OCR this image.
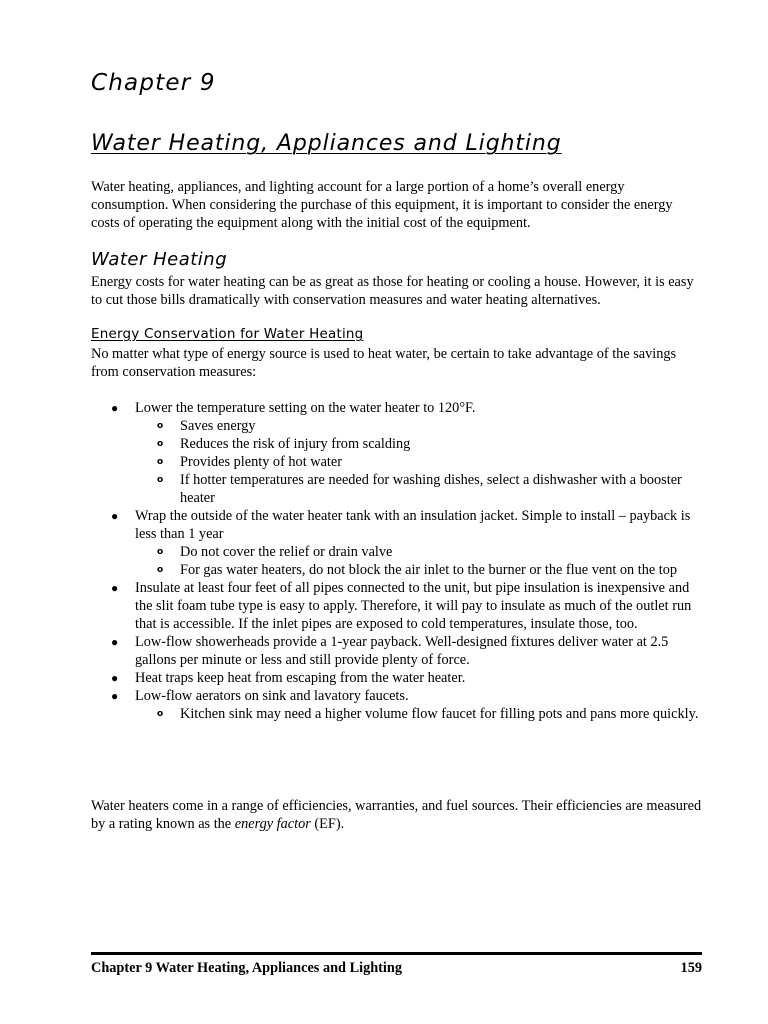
Chapter 9
Water Heating, Appliances and Lighting
Water heating, appliances, and lighting account for a large portion of a home’s overall energy consumption. When considering the purchase of this equipment, it is important to consider the energy costs of operating the equipment along with the initial cost of the equipment.
Water Heating
Energy costs for water heating can be as great as those for heating or cooling a house. However, it is easy to cut those bills dramatically with conservation measures and water heating alternatives.
Energy Conservation for Water Heating
No matter what type of energy source is used to heat water, be certain to take advantage of the savings from conservation measures:
● Lower the temperature setting on the water heater to 120°F.
o Saves energy
o Reduces the risk of injury from scalding
o Provides plenty of hot water
o If hotter temperatures are needed for washing dishes, select a dishwasher with a booster heater
● Wrap the outside of the water heater tank with an insulation jacket. Simple to install – payback is less than 1 year
o Do not cover the relief or drain valve
o For gas water heaters, do not block the air inlet to the burner or the flue vent on the top
● Insulate at least four feet of all pipes connected to the unit, but pipe insulation is inexpensive and the slit foam tube type is easy to apply. Therefore, it will pay to insulate as much of the outlet run that is accessible. If the inlet pipes are exposed to cold temperatures, insulate those, too.
● Low-flow showerheads provide a 1-year payback. Well-designed fixtures deliver water at 2.5 gallons per minute or less and still provide plenty of force.
● Heat traps keep heat from escaping from the water heater.
● Low-flow aerators on sink and lavatory faucets.
o Kitchen sink may need a higher volume flow faucet for filling pots and pans more quickly.
Water heaters come in a range of efficiencies, warranties, and fuel sources. Their efficiencies are measured by a rating known as the energy factor (EF).
Chapter 9 Water Heating, Appliances and Lighting	159
